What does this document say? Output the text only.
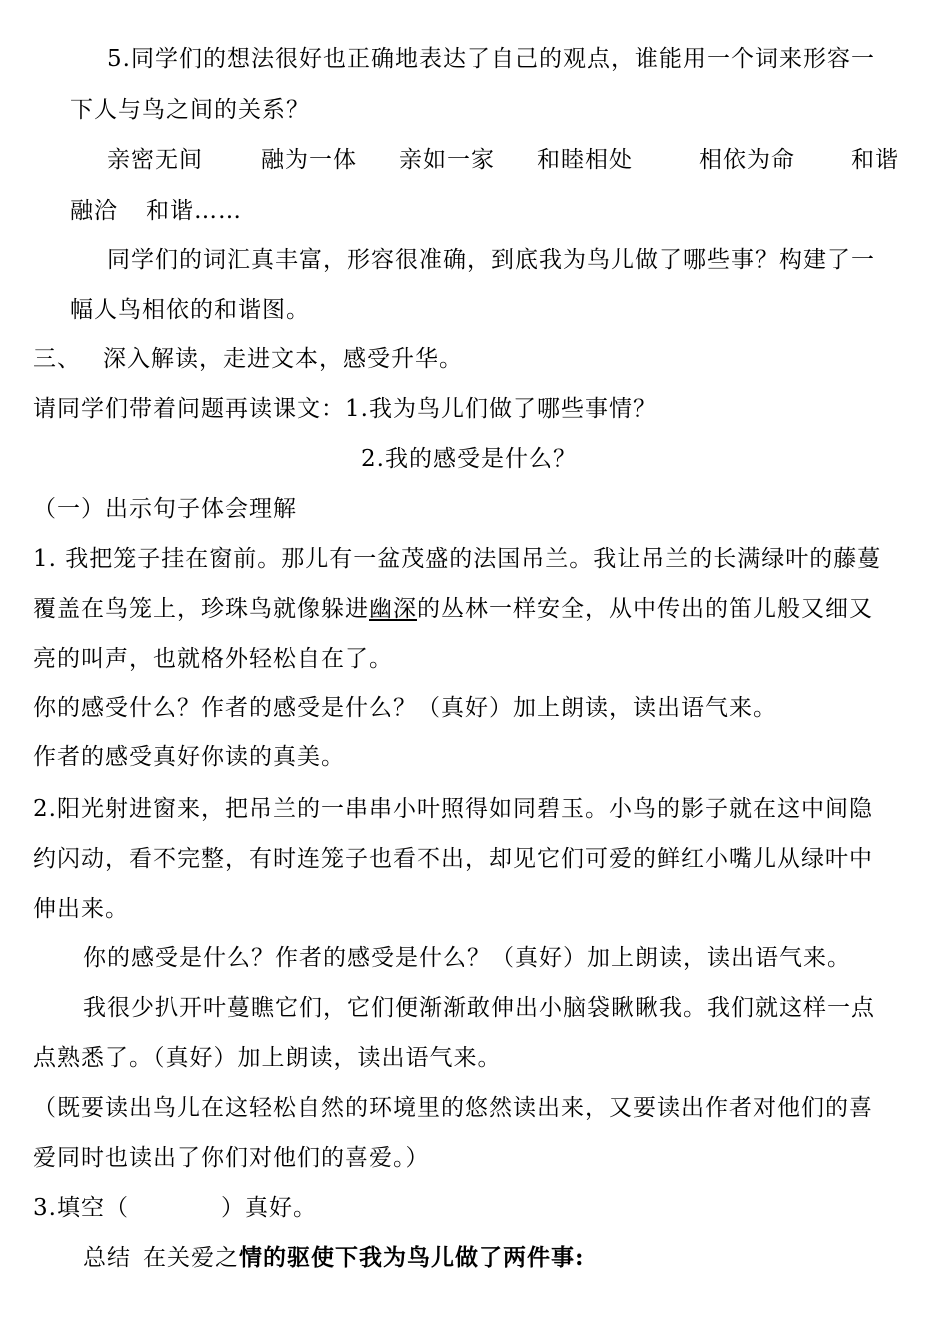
5.同学们的想法很好也正确地表达了自己的观点，谁能用一个词来形容一
下人与鸟之间的关系？
亲密无间	融为一体 亲如一家 和睦相处	相依为命 和谐
融洽 和谐……
同学们的词汇真丰富，形容很准确，到底我为鸟儿做了哪些事？构建了一
幅人鸟相依的和谐图。
三、 深入解读，走进文本，感受升华。
请同学们带着问题再读课文：1.我为鸟儿们做了哪些事情？
2.我的感受是什么？
（一）出示句子体会理解
1. 我把笼子挂在窗前。那儿有一盆茂盛的法国吊兰。我让吊兰的长满绿叶的藤蔓
覆盖在鸟笼上，珍珠鸟就像躲进幽深的丛林一样安全，从中传出的笛儿般又细又
亮的叫声，也就格外轻松自在了。
你的感受什么？作者的感受是什么？（真好）加上朗读，读出语气来。
作者的感受真好你读的真美。
2.阳光射进窗来，把吊兰的一串串小叶照得如同碧玉。小鸟的影子就在这中间隐
约闪动，看不完整，有时连笼子也看不出，却见它们可爱的鲜红小嘴儿从绿叶中
伸出来。
你的感受是什么？作者的感受是什么？（真好）加上朗读，读出语气来。
我很少扒开叶蔓瞧它们，它们便渐渐敢伸出小脑袋瞅瞅我。我们就这样一点
点熟悉了。（真好）加上朗读，读出语气来。
（既要读出鸟儿在这轻松自然的环境里的悠然读出来，又要读出作者对他们的喜
爱同时也读出了你们对他们的喜爱。）
3.填空（	）真好。
总结 在关爱之情的驱使下我为鸟儿做了两件事:
